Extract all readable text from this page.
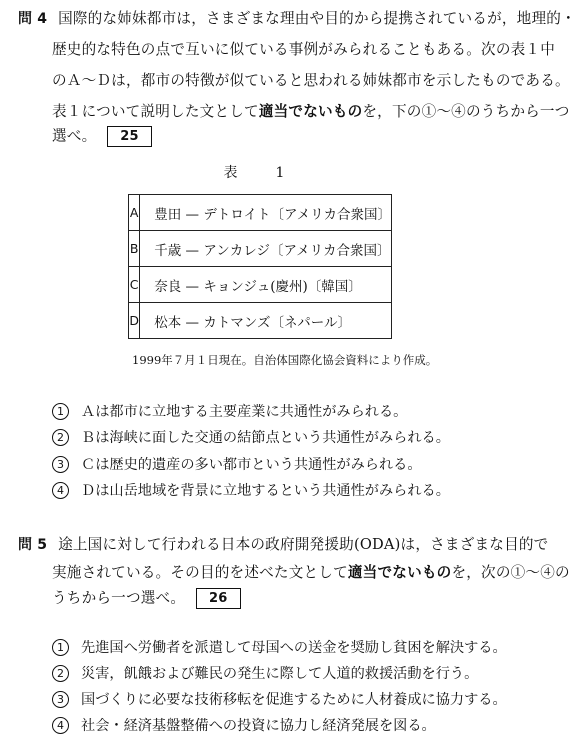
問 4 国際的な姉妹都市は，さまざまな理由や目的から提携されているが，地理的・
歴史的な特色の点で互いに似ている事例がみられることもある。次の表１中
のＡ～Ｄは，都市の特徴が似ていると思われる姉妹都市を示したものである。
表１について説明した文として適当でないものを，下の①～④のうちから一つ
選べ。 25
表　1
A	豊田 — デトロイト〔アメリカ合衆国〕
B	千歳 — アンカレジ〔アメリカ合衆国〕
C	奈良 — キョンジュ(慶州)〔韓国〕
D	松本 — カトマンズ〔ネパール〕
1999年７月１日現在。自治体国際化協会資料により作成。
1 Ａは都市に立地する主要産業に共通性がみられる。
2 Ｂは海峡に面した交通の結節点という共通性がみられる。
3 Ｃは歴史的遺産の多い都市という共通性がみられる。
4 Ｄは山岳地域を背景に立地するという共通性がみられる。
問 5 途上国に対して行われる日本の政府開発援助(ODA)は，さまざまな目的で
実施されている。その目的を述べた文として適当でないものを，次の①～④の
うちから一つ選べ。 26
1 先進国へ労働者を派遣して母国への送金を奨励し貧困を解決する。
2 災害，飢餓および難民の発生に際して人道的救援活動を行う。
3 国づくりに必要な技術移転を促進するために人材養成に協力する。
4 社会・経済基盤整備への投資に協力し経済発展を図る。
